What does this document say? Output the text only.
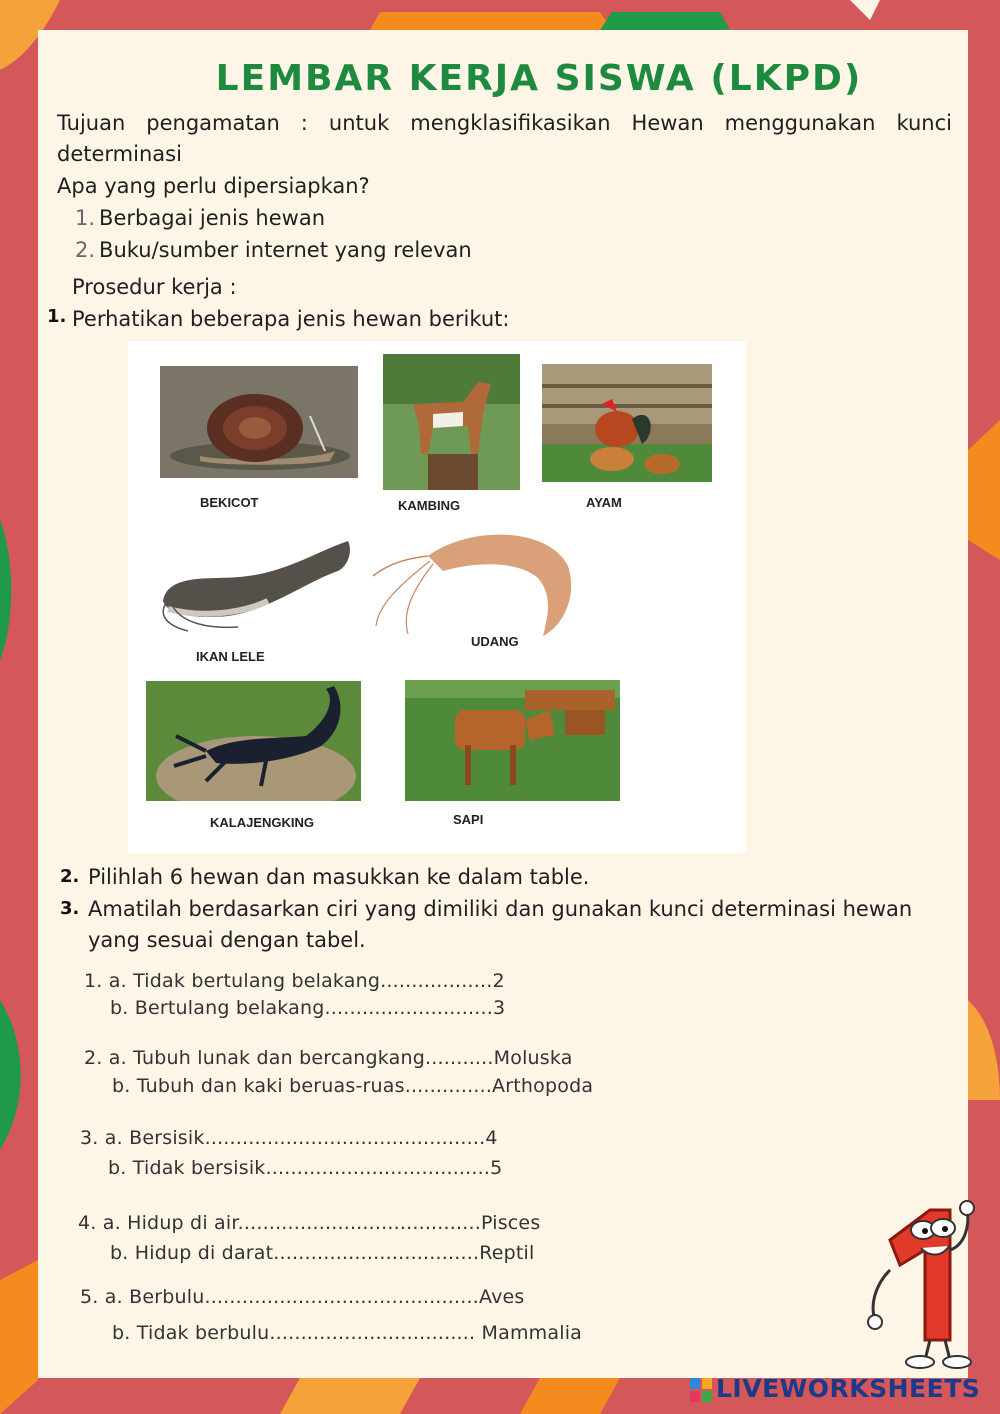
LEMBAR KERJA SISWA (LKPD)
Tujuan pengamatan : untuk mengklasifikasikan Hewan menggunakan kunci determinasi
Apa yang perlu dipersiapkan?
1. Berbagai jenis hewan
2. Buku/sumber internet yang relevan
Prosedur kerja :
1. Perhatikan beberapa jenis hewan berikut:
BEKICOT	KAMBING	AYAM
IKAN LELE
UDANG
KALAJENGKING	SAPI
2. Pilihlah 6 hewan dan masukkan ke dalam table.
3. Amatilah berdasarkan ciri yang dimiliki dan gunakan kunci determinasi hewan yang sesuai dengan tabel.
1. a. Tidak bertulang belakang..................2
b. Bertulang belakang...........................3
2. a. Tubuh lunak dan bercangkang...........Moluska
b. Tubuh dan kaki beruas-ruas..............Arthopoda
3. a. Bersisik.............................................4
b. Tidak bersisik....................................5
4. a. Hidup di air.......................................Pisces
b. Hidup di darat.................................Reptil
5. a. Berbulu............................................Aves
b. Tidak berbulu................................. Mammalia
LIVEWORKSHEETS
